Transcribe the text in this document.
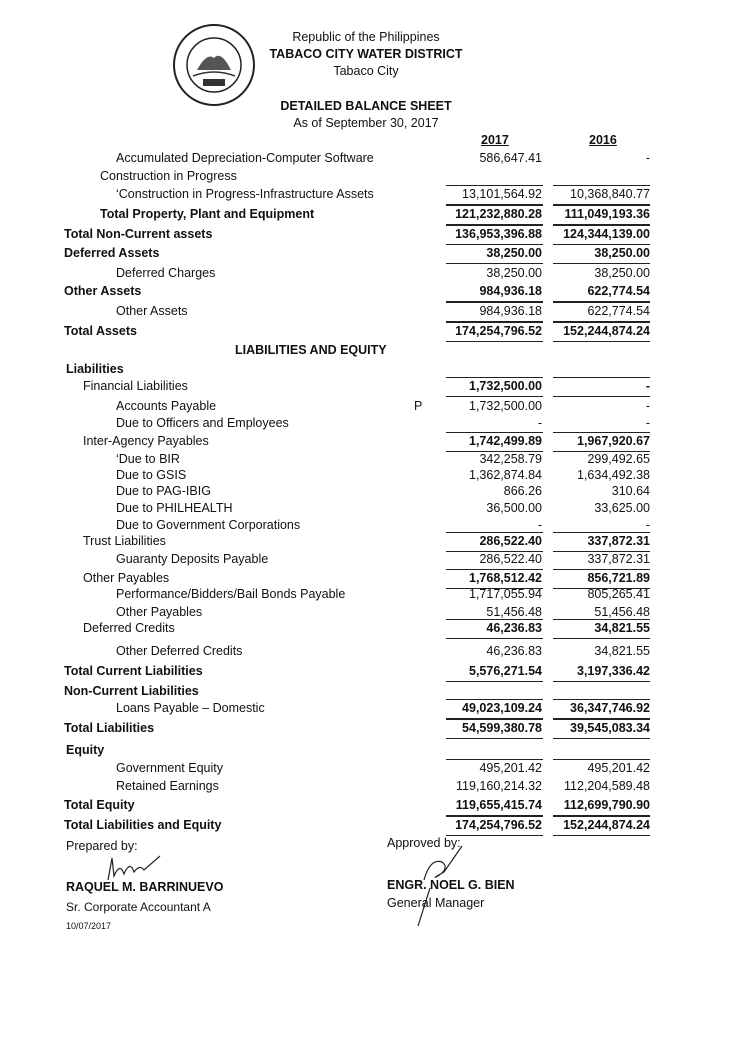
Republic of the Philippines
TABACO CITY WATER DISTRICT
Tabaco City
DETAILED BALANCE SHEET
As of September 30, 2017
2017	2016
Accumulated Depreciation-Computer Software	586,647.41	-
Construction in Progress
‘Construction in Progress-Infrastructure Assets	13,101,564.92 10,368,840.77
Total Property, Plant and Equipment	121,232,880.28 111,049,193.36
Total Non-Current assets	136,953,396.88 124,344,139.00
Deferred Assets	38,250.00	38,250.00
Deferred Charges	38,250.00	38,250.00
Other Assets	984,936.18	622,774.54
Other Assets	984,936.18	622,774.54
Total Assets	174,254,796.52 152,244,874.24
LIABILITIES AND EQUITY
Liabilities
Financial Liabilities	1,732,500.00	-
Accounts Payable	P	1,732,500.00	-
Due to Officers and Employees	-	-
Inter-Agency Payables	1,742,499.89	1,967,920.67
‘Due to BIR	342,258.79	299,492.65
Due to GSIS	1,362,874.84	1,634,492.38
Due to PAG-IBIG	866.26	310.64
Due to PHILHEALTH	36,500.00	33,625.00
Due to Government Corporations	-	-
Trust Liabilities	286,522.40	337,872.31
Guaranty Deposits Payable	286,522.40	337,872.31
Other Payables	1,768,512.42	856,721.89
Performance/Bidders/Bail Bonds Payable	1,717,055.94	805,265.41
Other Payables	51,456.48	51,456.48
Deferred Credits	46,236.83	34,821.55
Other Deferred Credits	46,236.83	34,821.55
Total Current Liabilities	5,576,271.54	3,197,336.42
Non-Current Liabilities
Loans Payable – Domestic	49,023,109.24 36,347,746.92
Total Liabilities	54,599,380.78 39,545,083.34
Equity
Government Equity	495,201.42	495,201.42
Retained Earnings	119,160,214.32 112,204,589.48
Total Equity	119,655,415.74 112,699,790.90
Total Liabilities and Equity	174,254,796.52 152,244,874.24
Prepared by:	Approved by:
RAQUEL M. BARRINUEVO
Sr. Corporate Accountant A
10/07/2017
ENGR. NOEL G. BIEN
General Manager
